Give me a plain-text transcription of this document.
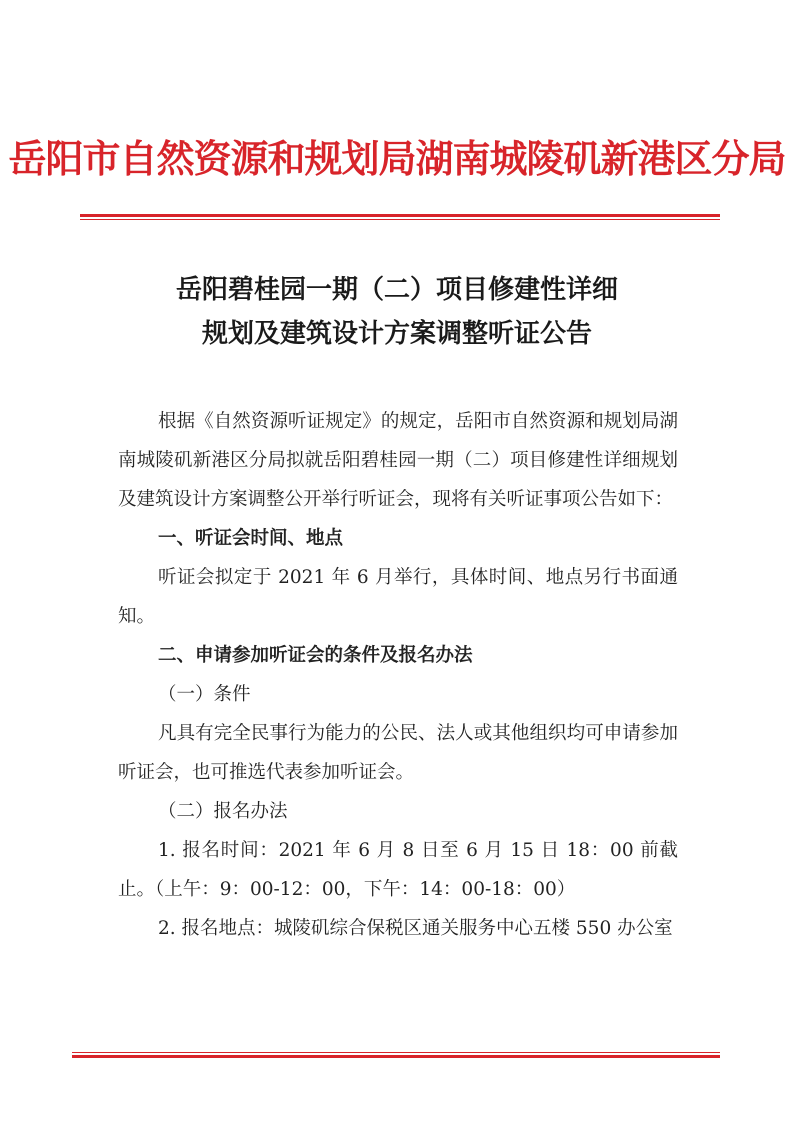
岳阳市自然资源和规划局湖南城陵矶新港区分局
岳阳碧桂园一期（二）项目修建性详细
规划及建筑设计方案调整听证公告

根据《自然资源听证规定》的规定，岳阳市自然资源和规划局湖南城陵矶新港区分局拟就岳阳碧桂园一期（二）项目修建性详细规划及建筑设计方案调整公开举行听证会，现将有关听证事项公告如下：

一、听证会时间、地点

听证会拟定于 2021 年 6 月举行，具体时间、地点另行书面通知。

二、申请参加听证会的条件及报名办法

（一）条件

凡具有完全民事行为能力的公民、法人或其他组织均可申请参加听证会，也可推选代表参加听证会。

（二）报名办法

1. 报名时间：2021 年 6 月 8 日至 6 月 15 日 18：00 前截止。（上午：9：00-12：00，下午：14：00-18：00）

2. 报名地点：城陵矶综合保税区通关服务中心五楼 550 办公室
